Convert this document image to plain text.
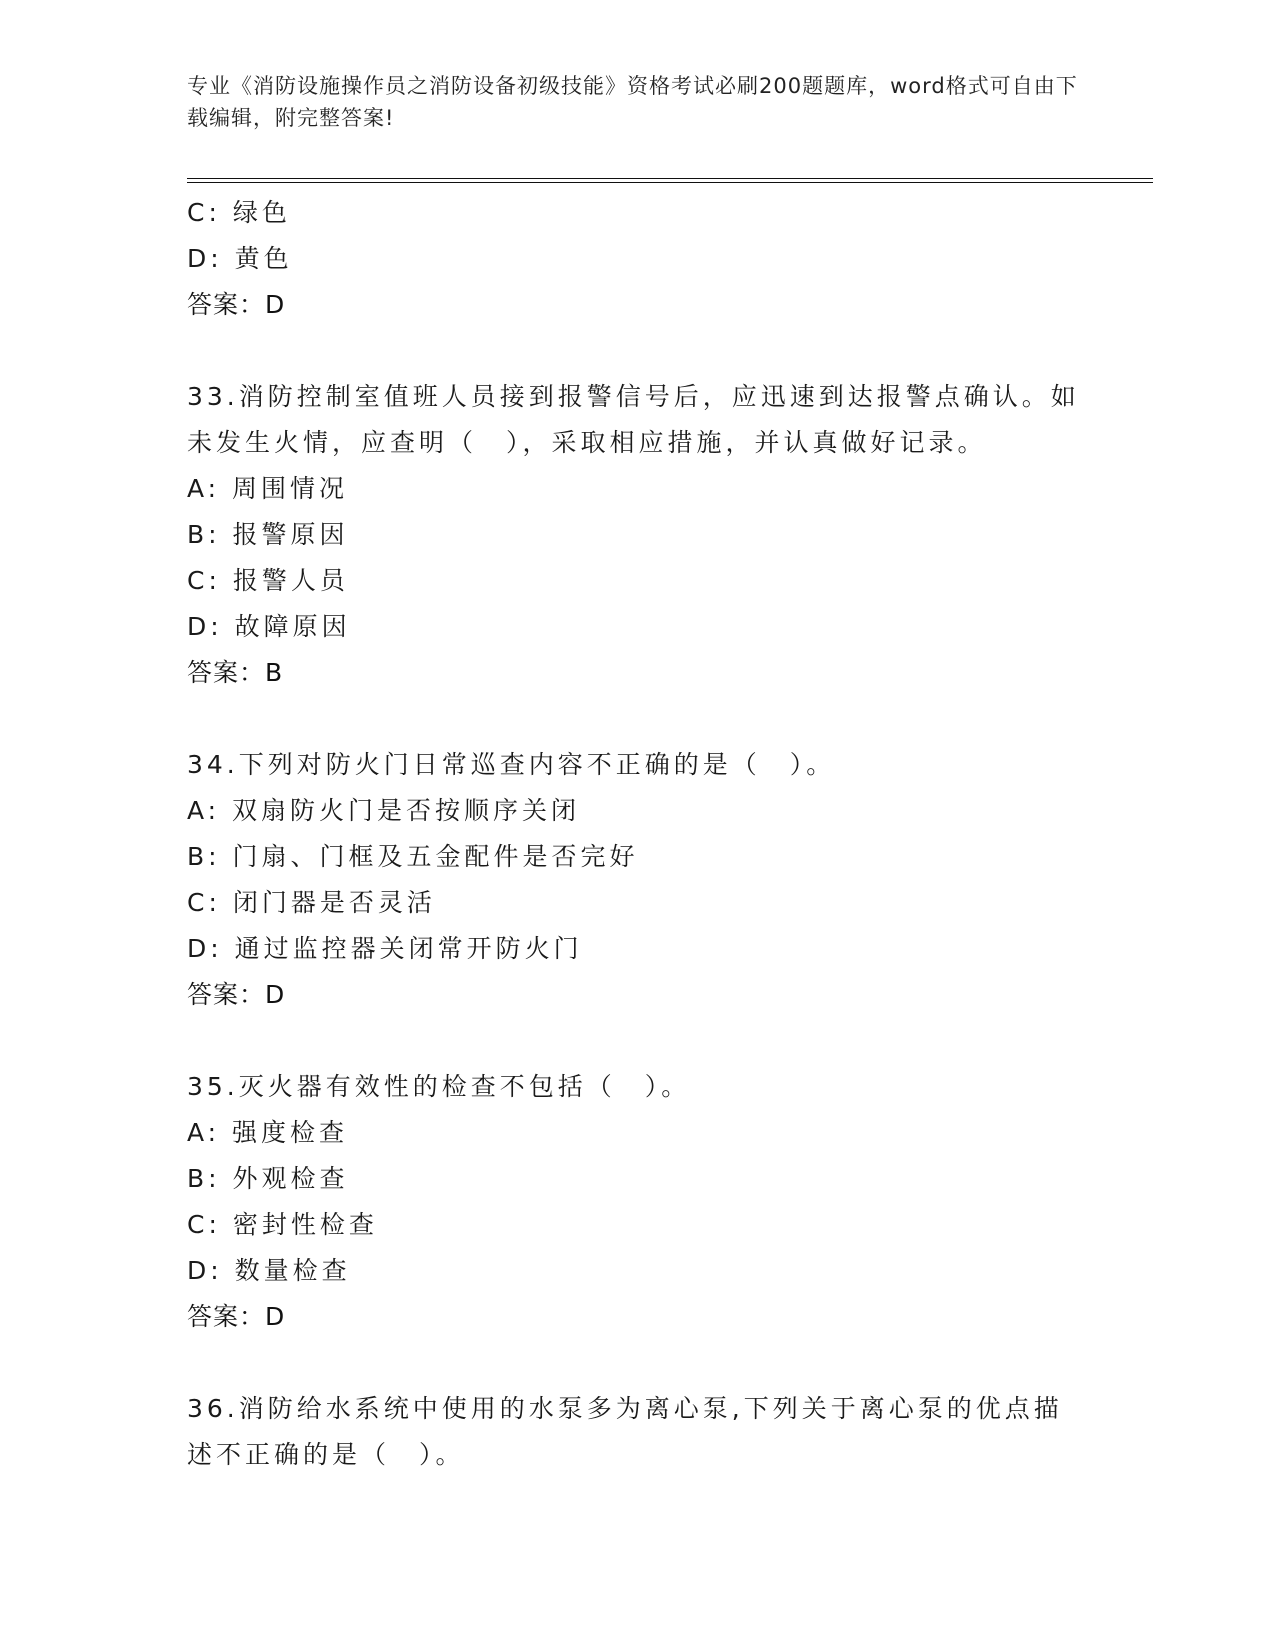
专业《消防设施操作员之消防设备初级技能》资格考试必刷200题题库，word格式可自由下载编辑，附完整答案!
C: 绿色
D: 黄色
答案：D
33.消防控制室值班人员接到报警信号后，应迅速到达报警点确认。如
未发生火情，应查明（　），采取相应措施，并认真做好记录。
A: 周围情况
B: 报警原因
C: 报警人员
D: 故障原因
答案：B
34.下列对防火门日常巡查内容不正确的是（　）。
A: 双扇防火门是否按顺序关闭
B: 门扇、门框及五金配件是否完好
C: 闭门器是否灵活
D: 通过监控器关闭常开防火门
答案：D
35.灭火器有效性的检查不包括（　）。
A: 强度检查
B: 外观检查
C: 密封性检查
D: 数量检查
答案：D
36.消防给水系统中使用的水泵多为离心泵,下列关于离心泵的优点描
述不正确的是（　）。
